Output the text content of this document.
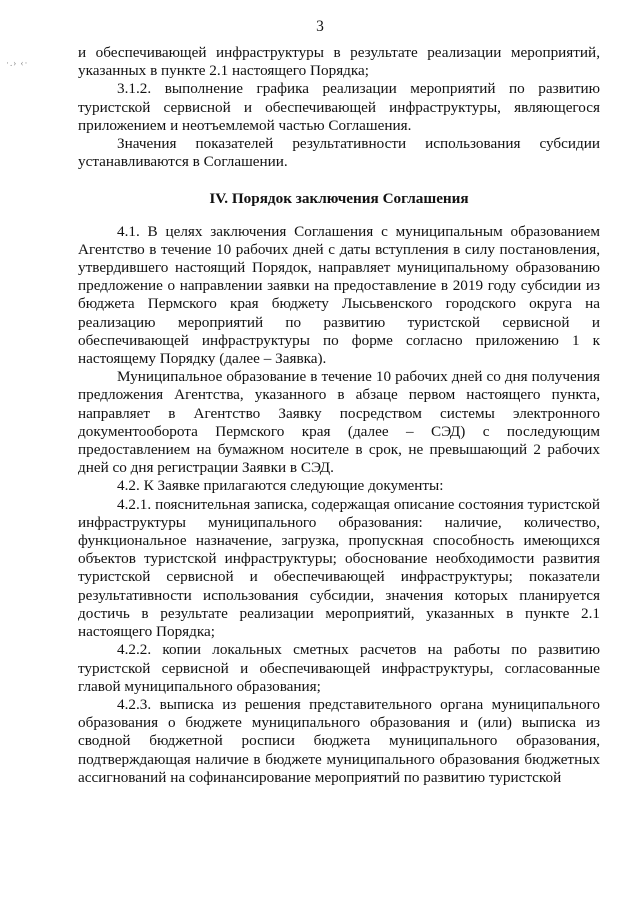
3
·.› ‹·

и обеспечивающей инфраструктуры в результате реализации мероприятий, указанных в пункте 2.1 настоящего Порядка;

3.1.2. выполнение графика реализации мероприятий по развитию туристской сервисной и обеспечивающей инфраструктуры, являющегося приложением и неотъемлемой частью Соглашения.

Значения показателей результативности использования субсидии устанавливаются в Соглашении.

IV. Порядок заключения Соглашения

4.1. В целях заключения Соглашения с муниципальным образованием Агентство в течение 10 рабочих дней с даты вступления в силу постановления, утвердившего настоящий Порядок, направляет муниципальному образованию предложение о направлении заявки на предоставление в 2019 году субсидии из бюджета Пермского края бюджету Лысьвенского городского округа на реализацию мероприятий по развитию туристской сервисной и обеспечивающей инфраструктуры по форме согласно приложению 1 к настоящему Порядку (далее – Заявка).

Муниципальное образование в течение 10 рабочих дней со дня получения предложения Агентства, указанного в абзаце первом настоящего пункта, направляет в Агентство Заявку посредством системы электронного документооборота Пермского края (далее – СЭД) с последующим предоставлением на бумажном носителе в срок, не превышающий 2 рабочих дней со дня регистрации Заявки в СЭД.

4.2. К Заявке прилагаются следующие документы:

4.2.1. пояснительная записка, содержащая описание состояния туристской инфраструктуры муниципального образования: наличие, количество, функциональное назначение, загрузка, пропускная способность имеющихся объектов туристской инфраструктуры; обоснование необходимости развития туристской сервисной и обеспечивающей инфраструктуры; показатели результативности использования субсидии, значения которых планируется достичь в результате реализации мероприятий, указанных в пункте 2.1 настоящего Порядка;

4.2.2. копии локальных сметных расчетов на работы по развитию туристской сервисной и обеспечивающей инфраструктуры, согласованные главой муниципального образования;

4.2.3. выписка из решения представительного органа муниципального образования о бюджете муниципального образования и (или) выписка из сводной бюджетной росписи бюджета муниципального образования, подтверждающая наличие в бюджете муниципального образования бюджетных ассигнований на софинансирование мероприятий по развитию туристской
